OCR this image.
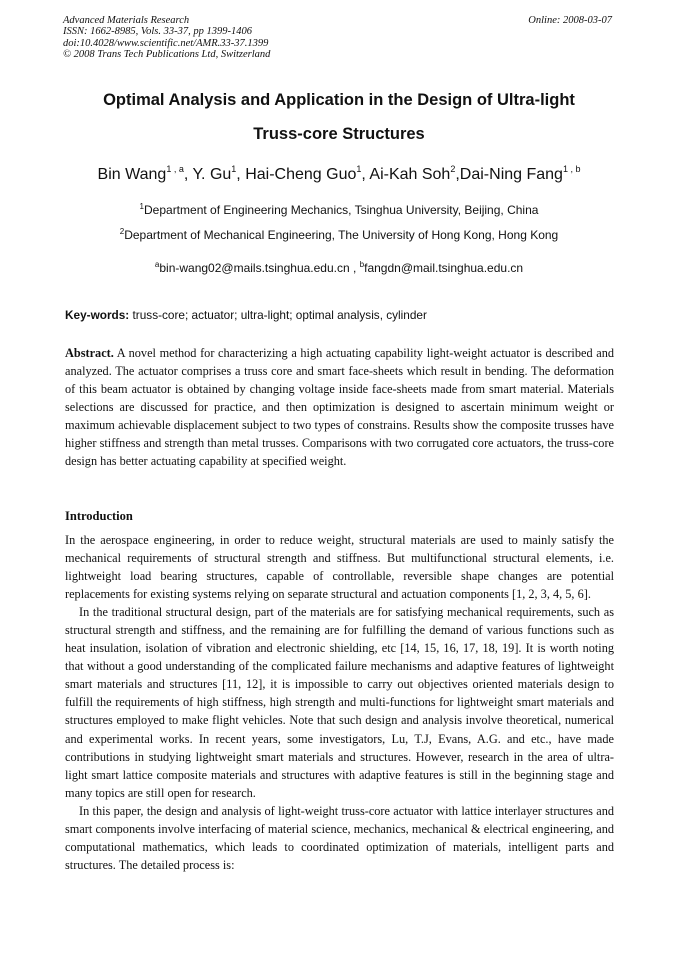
Advanced Materials Research
ISSN: 1662-8985, Vols. 33-37, pp 1399-1406
doi:10.4028/www.scientific.net/AMR.33-37.1399
© 2008 Trans Tech Publications Ltd, Switzerland
Online: 2008-03-07
Optimal Analysis and Application in the Design of Ultra-light
Truss-core Structures
Bin Wang$^{1 , a}$, Y. Gu$^1$, Hai-Cheng Guo$^1$, Ai-Kah Soh$^2$,Dai-Ning Fang$^{1 , b}$
$^1$Department of Engineering Mechanics, Tsinghua University, Beijing, China
$^2$Department of Mechanical Engineering, The University of Hong Kong, Hong Kong
$^a$bin-wang02@mails.tsinghua.edu.cn , $^b$fangdn@mail.tsinghua.edu.cn
Key-words: truss-core; actuator; ultra-light; optimal analysis, cylinder

Abstract. A novel method for characterizing a high actuating capability light-weight actuator is described and analyzed. The actuator comprises a truss core and smart face-sheets which result in bending. The deformation of this beam actuator is obtained by changing voltage inside face-sheets made from smart material. Materials selections are discussed for practice, and then optimization is designed to ascertain minimum weight or maximum achievable displacement subject to two types of constrains. Results show the composite trusses have higher stiffness and strength than metal trusses. Comparisons with two corrugated core actuators, the truss-core design has better actuating capability at specified weight.

Introduction

In the aerospace engineering, in order to reduce weight, structural materials are used to mainly satisfy the mechanical requirements of structural strength and stiffness. But multifunctional structural elements, i.e. lightweight load bearing structures, capable of controllable, reversible shape changes are potential replacements for existing systems relying on separate structural and actuation components [1, 2, 3, 4, 5, 6].

In the traditional structural design, part of the materials are for satisfying mechanical requirements, such as structural strength and stiffness, and the remaining are for fulfilling the demand of various functions such as heat insulation, isolation of vibration and electronic shielding, etc [14, 15, 16, 17, 18, 19]. It is worth noting that without a good understanding of the complicated failure mechanisms and adaptive features of lightweight smart materials and structures [11, 12], it is impossible to carry out objectives oriented materials design to fulfill the requirements of high stiffness, high strength and multi-functions for lightweight smart materials and structures employed to make flight vehicles. Note that such design and analysis involve theoretical, numerical and experimental works. In recent years, some investigators, Lu, T.J, Evans, A.G. and etc., have made contributions in studying lightweight smart materials and structures. However, research in the area of ultra-light smart lattice composite materials and structures with adaptive features is still in the beginning stage and many topics are still open for research.

In this paper, the design and analysis of light-weight truss-core actuator with lattice interlayer structures and smart components involve interfacing of material science, mechanics, mechanical & electrical engineering, and computational mathematics, which leads to coordinated optimization of materials, intelligent parts and structures. The detailed process is:
